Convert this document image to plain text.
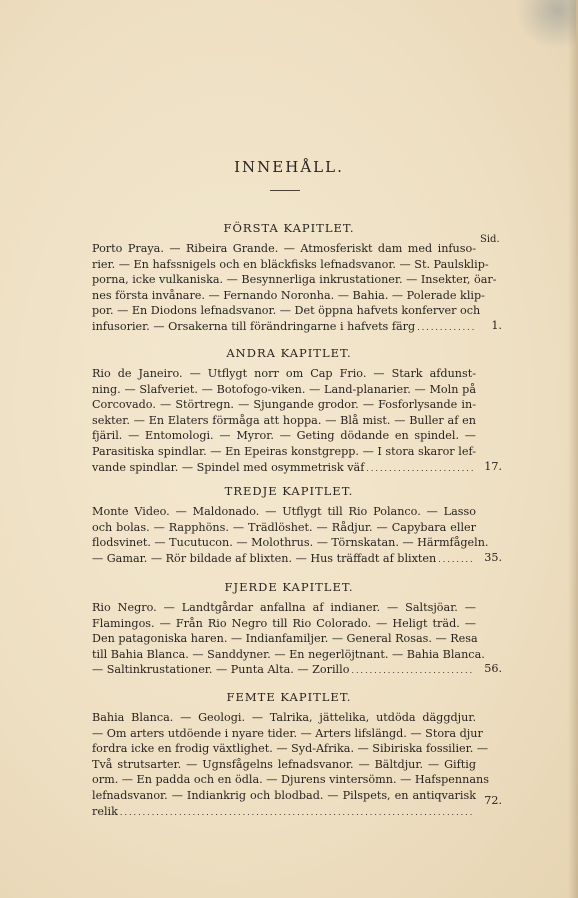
INNEHÅLL.
Sid.
FÖRSTA KAPITLET.
Porto Praya. — Ribeira Grande. — Atmosferiskt dam med infuso-
rier. — En hafssnigels och en bläckfisks lefnadsvanor. — St. Paulsklip-
porna, icke vulkaniska. — Besynnerliga inkrustationer. — Insekter, öar-
nes första invånare. — Fernando Noronha. — Bahia. — Polerade klip-
por. — En Diodons lefnadsvanor. — Det öppna hafvets konferver och
infusorier. — Orsakerna till förändringarne i hafvets färg .....	1.
ANDRA KAPITLET.
Rio de Janeiro. — Utflygt norr om Cap Frio. — Stark afdunst-
ning. — Slafveriet. — Botofogo-viken. — Land-planarier. — Moln på
Corcovado. — Störtregn. — Sjungande grodor. — Fosforlysande in-
sekter. — En Elaters förmåga att hoppa. — Blå mist. — Buller af en
fjäril. — Entomologi. — Myror. — Geting dödande en spindel. —
Parasitiska spindlar. — En Epeiras konstgrepp. — I stora skaror lef-
vande spindlar. — Spindel med osymmetrisk väf .....	17.
TREDJE KAPITLET.
Monte Video. — Maldonado. — Utflygt till Rio Polanco. — Lasso
och bolas. — Rapphöns. — Trädlöshet. — Rådjur. — Capybara eller
flodsvinet. — Tucutucon. — Molothrus. — Törnskatan. — Härmfågeln.
— Gamar. — Rör bildade af blixten. — Hus träffadt af blixten .....	35.
FJERDE KAPITLET.
Rio Negro. — Landtgårdar anfallna af indianer. — Saltsjöar. —
Flamingos. — Från Rio Negro till Rio Colorado. — Heligt träd. —
Den patagoniska haren. — Indianfamiljer. — General Rosas. — Resa
till Bahia Blanca. — Sanddyner. — En negerlöjtnant. — Bahia Blanca.
— Saltinkrustationer. — Punta Alta. — Zorillo .....	56.
FEMTE KAPITLET.
Bahia Blanca. — Geologi. — Talrika, jättelika, utdöda däggdjur.
— Om arters utdöende i nyare tider. — Arters lifslängd. — Stora djur
fordra icke en frodig växtlighet. — Syd-Afrika. — Sibiriska fossilier. —
Två strutsarter. — Ugnsfågelns lefnadsvanor. — Bältdjur. — Giftig
orm. — En padda och en ödla. — Djurens vintersömn. — Hafspennans
lefnadsvanor. — Indiankrig och blodbad. — Pilspets, en antiqvarisk
relik
.....
72.
